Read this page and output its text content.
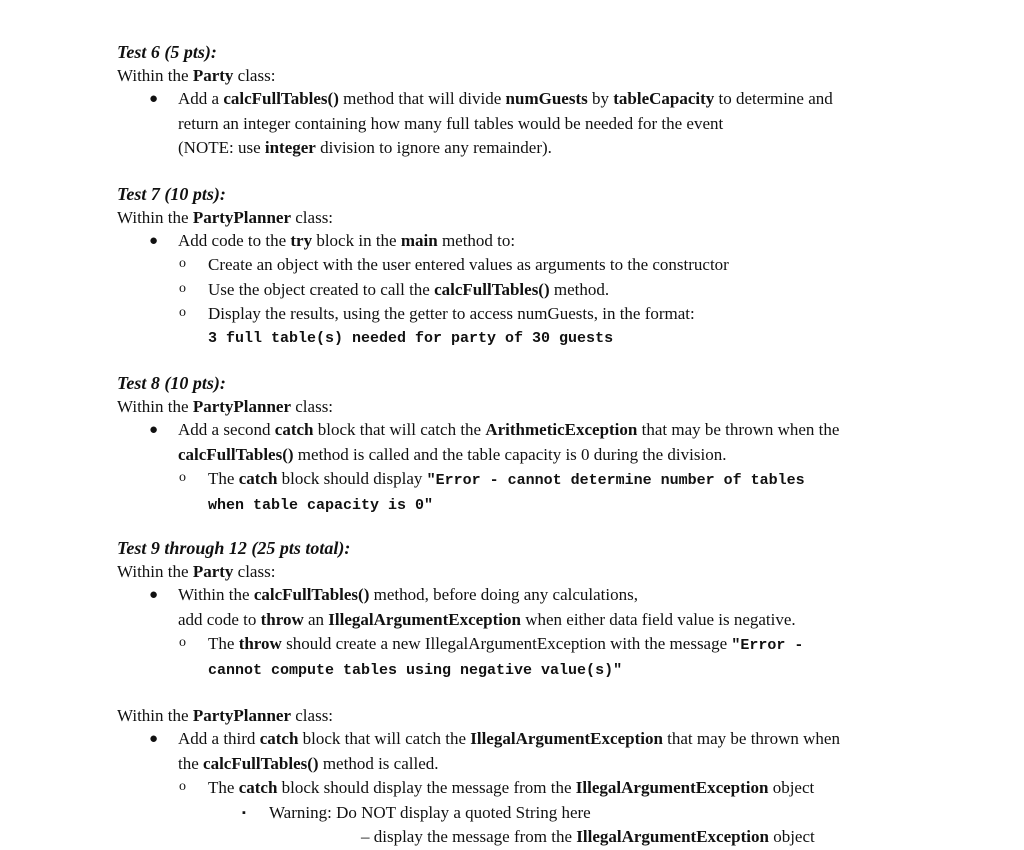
Test 6 (5 pts):
Within the Party class:
● Add a calcFullTables() method that will divide numGuests by tableCapacity to determine and
return an integer containing how many full tables would be needed for the event
(NOTE: use integer division to ignore any remainder).
Test 7 (10 pts):
Within the PartyPlanner class:
● Add code to the try block in the main method to:
o Create an object with the user entered values as arguments to the constructor
o Use the object created to call the calcFullTables() method.
o Display the results, using the getter to access numGuests, in the format:
3 full table(s) needed for party of 30 guests
Test 8 (10 pts):
Within the PartyPlanner class:
● Add a second catch block that will catch the ArithmeticException that may be thrown when the
calcFullTables() method is called and the table capacity is 0 during the division.
o The catch block should display "Error - cannot determine number of tables
when table capacity is 0"
Test 9 through 12 (25 pts total):
Within the Party class:
● Within the calcFullTables() method, before doing any calculations,
add code to throw an IllegalArgumentException when either data field value is negative.
o The throw should create a new IllegalArgumentException with the message "Error -
cannot compute tables using negative value(s)"
Within the PartyPlanner class:
● Add a third catch block that will catch the IllegalArgumentException that may be thrown when
the calcFullTables() method is called.
o The catch block should display the message from the IllegalArgumentException object
▪ Warning: Do NOT display a quoted String here
– display the message from the IllegalArgumentException object
